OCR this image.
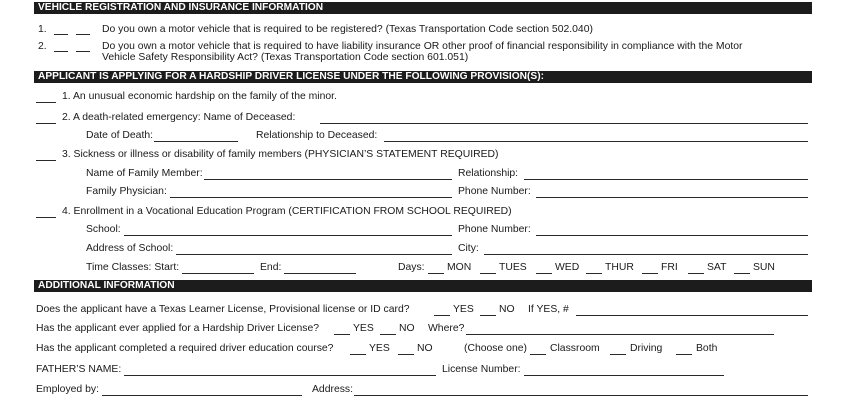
VEHICLE REGISTRATION AND INSURANCE INFORMATION
1.	Do you own a motor vehicle that is required to be registered? (Texas Transportation Code section 502.040)
2.	Do you own a motor vehicle that is required to have liability insurance OR other proof of financial responsibility in compliance with the Motor
Vehicle Safety Responsibility Act? (Texas Transportation Code section 601.051)
APPLICANT IS APPLYING FOR A HARDSHIP DRIVER LICENSE UNDER THE FOLLOWING PROVISION(S):
1. An unusual economic hardship on the family of the minor.
2. A death-related emergency: Name of Deceased:
Date of Death:	Relationship to Deceased:
3. Sickness or illness or disability of family members (PHYSICIAN’S STATEMENT REQUIRED)
Name of Family Member:	Relationship:
Family Physician:	Phone Number:
4. Enrollment in a Vocational Education Program (CERTIFICATION FROM SCHOOL REQUIRED)
School:	Phone Number:
Address of School:	City:
Time Classes: Start:	End:	Days: MON	TUES	WED THUR	FRI	SAT	SUN
ADDITIONAL INFORMATION
Does the applicant have a Texas Learner License, Provisional license or ID card?	YES NO If YES, #
Has the applicant ever applied for a Hardship Driver License?	YES NO Where?
Has the applicant completed a required driver education course?	YES	NO	(Choose one) Classroom	Driving	Both
FATHER’S NAME:	License Number:
Employed by:	Address:
